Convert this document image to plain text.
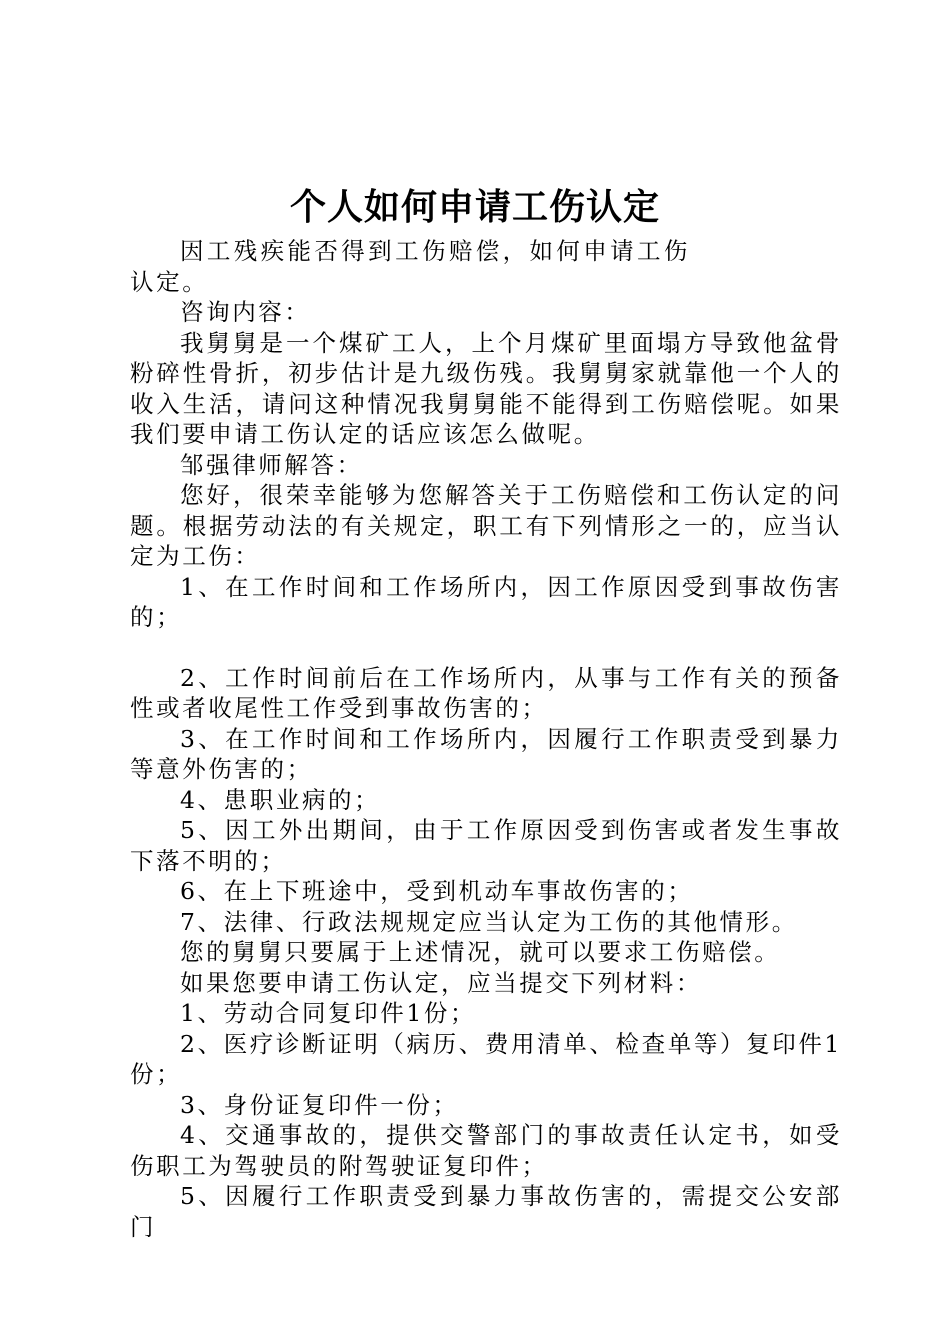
个人如何申请工伤认定

因工残疾能否得到工伤赔偿，如何申请工伤认定。

咨询内容：

我舅舅是一个煤矿工人，上个月煤矿里面塌方导致他盆骨粉碎性骨折，初步估计是九级伤残。我舅舅家就靠他一个人的收入生活，请问这种情况我舅舅能不能得到工伤赔偿呢。如果我们要申请工伤认定的话应该怎么做呢。

邹强律师解答：

您好，很荣幸能够为您解答关于工伤赔偿和工伤认定的问题。根据劳动法的有关规定，职工有下列情形之一的，应当认定为工伤：

1、在工作时间和工作场所内，因工作原因受到事故伤害的；

2、工作时间前后在工作场所内，从事与工作有关的预备性或者收尾性工作受到事故伤害的；

3、在工作时间和工作场所内，因履行工作职责受到暴力等意外伤害的；

4、患职业病的；

5、因工外出期间，由于工作原因受到伤害或者发生事故下落不明的；

6、在上下班途中，受到机动车事故伤害的；

7、法律、行政法规规定应当认定为工伤的其他情形。

您的舅舅只要属于上述情况，就可以要求工伤赔偿。

如果您要申请工伤认定，应当提交下列材料：

1、劳动合同复印件1份；

2、医疗诊断证明（病历、费用清单、检查单等）复印件1份；

3、身份证复印件一份；

4、交通事故的，提供交警部门的事故责任认定书，如受伤职工为驾驶员的附驾驶证复印件；

5、因履行工作职责受到暴力事故伤害的，需提交公安部门
